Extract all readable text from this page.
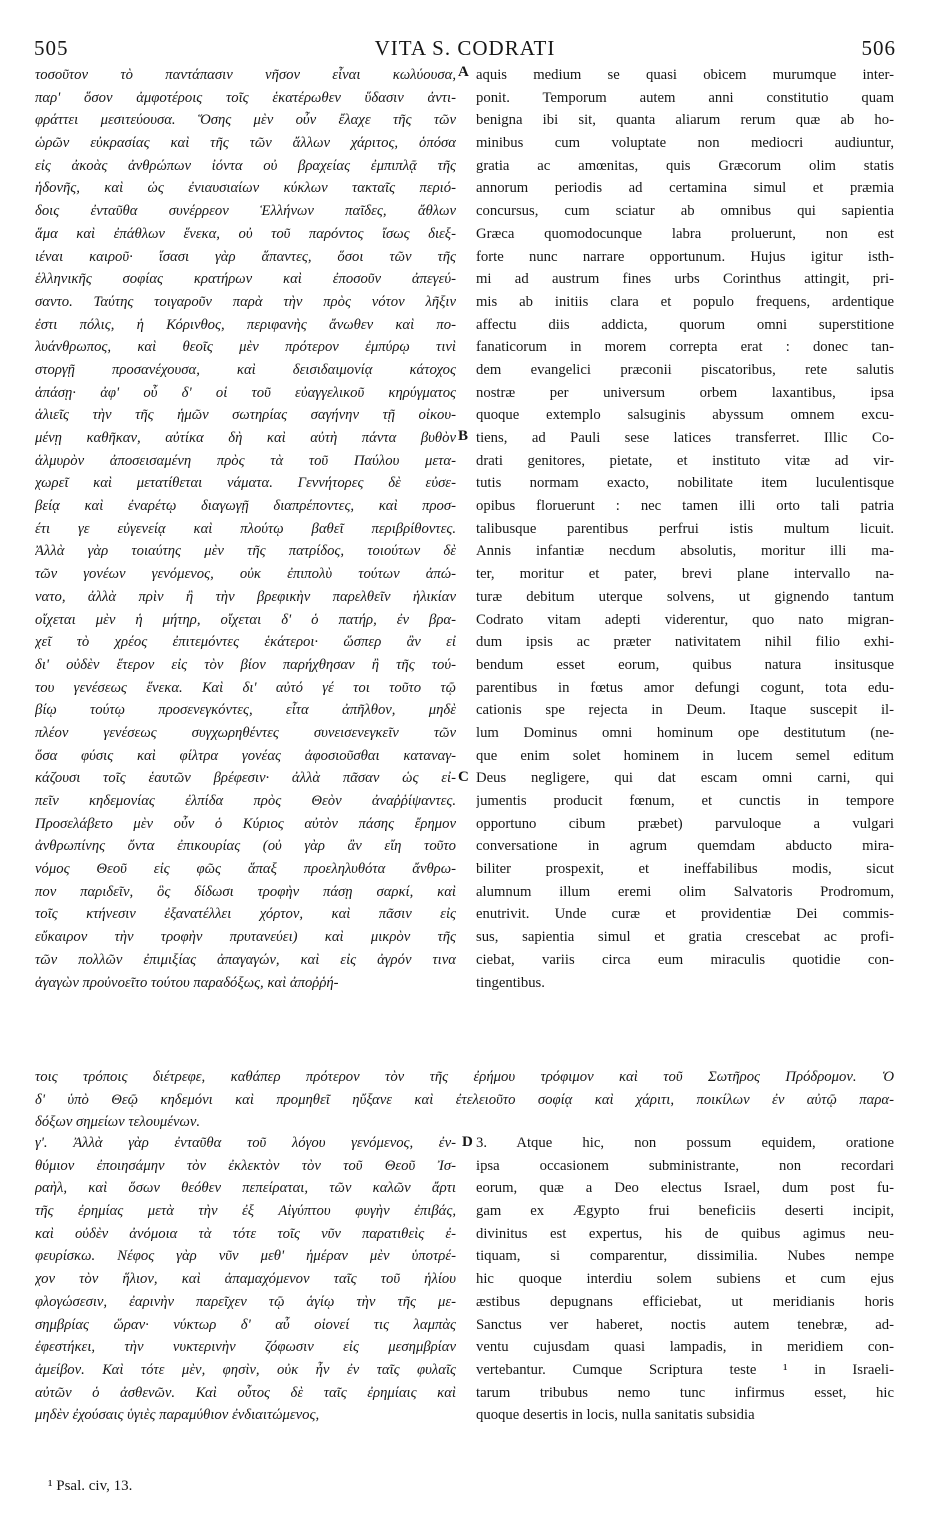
505	VITA S. CODRATI	506
τοσοῦτον τὸ παντάπασιν νῆσον εἶναι κωλύουσα,
παρ' ὅσον ἀμφοτέροις τοῖς ἑκατέρωθεν ὕδασιν ἀντι-
φράττει μεσιτεύουσα. Ὅσης μὲν οὖν ἔλαχε τῆς τῶν
ὡρῶν εὐκρασίας καὶ τῆς τῶν ἄλλων χάριτος, ὁπόσα
εἰς ἀκοὰς ἀνθρώπων ἰόντα οὐ βραχείας ἐμπιπλᾷ τῆς
ἡδονῆς, καὶ ὡς ἐνιαυσιαίων κύκλων τακταῖς περιό-
δοις ἐνταῦθα συνέρρεον Ἑλλήνων παῖδες, ἄθλων
ἅμα καὶ ἐπάθλων ἕνεκα, οὐ τοῦ παρόντος ἴσως διεξ-
ιέναι καιροῦ· ἴσασι γὰρ ἅπαντες, ὅσοι τῶν τῆς
ἑλληνικῆς σοφίας κρατήρων καὶ ἐποσοῦν ἀπεγεύ-
σαντο. Ταύτης τοιγαροῦν παρὰ τὴν πρὸς νότον λῆξιν
ἐστι πόλις, ἡ Κόρινθος, περιφανὴς ἄνωθεν καὶ πο-
λυάνθρωπος, καὶ θεοῖς μὲν πρότερον ἐμπύρῳ τινὶ
στοργῇ προσανέχουσα, καὶ δεισιδαιμονίᾳ κάτοχος
ἁπάσῃ· ἀφ' οὗ δ' οἱ τοῦ εὐαγγελικοῦ κηρύγματος
ἁλιεῖς τὴν τῆς ἡμῶν σωτηρίας σαγήνην τῇ οἰκου-
μένῃ καθῆκαν, αὐτίκα δὴ καὶ αὐτὴ πάντα βυθὸν
ἁλμυρὸν ἀποσεισαμένη πρὸς τὰ τοῦ Παύλου μετα-
χωρεῖ καὶ μετατίθεται νάματα. Γεννήτορες δὲ εὐσε-
βείᾳ καὶ ἐναρέτῳ διαγωγῇ διαπρέποντες, καὶ προσ-
έτι γε εὐγενείᾳ καὶ πλούτῳ βαθεῖ περιβρίθοντες.
Ἀλλὰ γὰρ τοιαύτης μὲν τῆς πατρίδος, τοιούτων δὲ
τῶν γονέων γενόμενος, οὐκ ἐπιπολὺ τούτων ἀπώ-
νατο, ἀλλὰ πρὶν ἢ τὴν βρεφικὴν παρελθεῖν ἡλικίαν
οἴχεται μὲν ἡ μήτηρ, οἴχεται δ' ὁ πατήρ, ἐν βρα-
χεῖ τὸ χρέος ἐπιτεμόντες ἑκάτεροι· ὥσπερ ἂν εἰ
δι' οὐδὲν ἕτερον εἰς τὸν βίον παρήχθησαν ἢ τῆς τού-
του γενέσεως ἕνεκα. Καὶ δι' αὐτό γέ τοι τοῦτο τῷ
βίῳ τούτῳ προσενεγκόντες, εἶτα ἀπῆλθον, μηδὲ
πλέον γενέσεως συγχωρηθέντες συνεισενεγκεῖν τῶν
ὅσα φύσις καὶ φίλτρα γονέας ἀφοσιοῦσθαι καταναγ-
κάζουσι τοῖς ἑαυτῶν βρέφεσιν· ἀλλὰ πᾶσαν ὡς εἰ-
πεῖν κηδεμονίας ἐλπίδα πρὸς Θεὸν ἀναῤῥίψαντες.
Προσελάβετο μὲν οὖν ὁ Κύριος αὐτὸν πάσης ἔρημον
ἀνθρωπίνης ὄντα ἐπικουρίας (οὐ γὰρ ἂν εἴη τοῦτο
νόμος Θεοῦ εἰς φῶς ἅπαξ προεληλυθότα ἄνθρω-
πον παριδεῖν, ὃς δίδωσι τροφὴν πάσῃ σαρκί, καὶ
τοῖς κτήνεσιν ἐξανατέλλει χόρτον, καὶ πᾶσιν εἰς
εὔκαιρον τὴν τροφὴν πρυτανεύει) καὶ μικρὸν τῆς
τῶν πολλῶν ἐπιμιξίας ἀπαγαγών, καὶ εἰς ἀγρόν τινα
ἀγαγὼν προὐνοεῖτο τούτου παραδόξως, καὶ ἀποῤῥή-
aquis medium se quasi obicem murumque inter-
ponit. Temporum autem anni constitutio quam
benigna ibi sit, quanta aliarum rerum quæ ab ho-
minibus cum voluptate non mediocri audiuntur,
gratia ac amœnitas, quis Græcorum olim statis
annorum periodis ad certamina simul et præmia
concursus, cum sciatur ab omnibus qui sapientia
Græca quomodocunque labra proluerunt, non est
forte nunc narrare opportunum. Hujus igitur isth-
mi ad austrum fines urbs Corinthus attingit, pri-
mis ab initiis clara et populo frequens, ardentique
affectu diis addicta, quorum omni superstitione
fanaticorum in morem correpta erat : donec tan-
dem evangelici præconii piscatoribus, rete salutis
nostræ per universum orbem laxantibus, ipsa
quoque extemplo salsuginis abyssum omnem excu-
tiens, ad Pauli sese latices transferret. Illic Co-
drati genitores, pietate, et instituto vitæ ad vir-
tutis normam exacto, nobilitate item luculentisque
opibus floruerunt : nec tamen illi orto tali patria
talibusque parentibus perfrui istis multum licuit.
Annis infantiæ necdum absolutis, moritur illi ma-
ter, moritur et pater, brevi plane intervallo na-
turæ debitum uterque solvens, ut gignendo tantum
Codrato vitam adepti viderentur, quo nato migran-
dum ipsis ac præter nativitatem nihil filio exhi-
bendum esset eorum, quibus natura insitusque
parentibus in fœtus amor defungi cogunt, tota edu-
cationis spe rejecta in Deum. Itaque suscepit il-
lum Dominus omni hominum ope destitutum (ne-
que enim solet hominem in lucem semel editum
Deus negligere, qui dat escam omni carni, qui
jumentis producit fœnum, et cunctis in tempore
opportuno cibum præbet) parvuloque a vulgari
conversatione in agrum quemdam abducto mira-
biliter prospexit, et ineffabilibus modis, sicut
alumnum illum eremi olim Salvatoris Prodromum,
enutrivit. Unde curæ et providentiæ Dei commis-
sus, sapientia simul et gratia crescebat ac profi-
ciebat, variis circa eum miraculis quotidie con-
tingentibus.
A
B
C
D
τοις τρόποις διέτρεφε, καθάπερ πρότερον τὸν τῆς ἐρήμου τρόφιμον καὶ τοῦ Σωτῆρος Πρόδρομον. Ὁ
δ' ὑπὸ Θεῷ κηδεμόνι καὶ προμηθεῖ ηὔξανε καὶ ἐτελειοῦτο σοφίᾳ καὶ χάριτι, ποικίλων ἐν αὐτῷ παρα-
δόξων σημείων τελουμένων.
γ'. Ἀλλὰ γὰρ ἐνταῦθα τοῦ λόγου γενόμενος, ἐν-
θύμιον ἐποιησάμην τὸν ἐκλεκτὸν τὸν τοῦ Θεοῦ Ἰσ-
ραὴλ, καὶ ὅσων θεόθεν πεπείραται, τῶν καλῶν ἄρτι
τῆς ἐρημίας μετὰ τὴν ἐξ Αἰγύπτου φυγὴν ἐπιβάς,
καὶ οὐδὲν ἀνόμοια τὰ τότε τοῖς νῦν παρατιθεὶς ἐ-
φευρίσκω. Νέφος γὰρ νῦν μεθ' ἡμέραν μὲν ὑποτρέ-
χον τὸν ἥλιον, καὶ ἀπαμαχόμενον ταῖς τοῦ ἡλίου
φλογώσεσιν, ἐαρινὴν παρεῖχεν τῷ ἁγίῳ τὴν τῆς με-
σημβρίας ὥραν· νύκτωρ δ' αὖ οἱονεί τις λαμπὰς
ἐφεστήκει, τὴν νυκτερινὴν ζόφωσιν εἰς μεσημβρίαν
ἀμείβον. Καὶ τότε μὲν, φησὶν, οὐκ ἦν ἐν ταῖς φυλαῖς
αὐτῶν ὁ ἀσθενῶν. Καὶ οὗτος δὲ ταῖς ἐρημίαις καὶ
μηδὲν ἐχούσαις ὑγιὲς παραμύθιον ἐνδιαιτώμενος,
3. Atque hic, non possum equidem, oratione
ipsa occasionem subministrante, non recordari
eorum, quæ a Deo electus Israel, dum post fu-
gam ex Ægypto frui beneficiis deserti incipit,
divinitus est expertus, his de quibus agimus neu-
tiquam, si comparentur, dissimilia. Nubes nempe
hic quoque interdiu solem subiens et cum ejus
æstibus depugnans efficiebat, ut meridianis horis
Sanctus ver haberet, noctis autem tenebræ, ad-
ventu cujusdam quasi lampadis, in meridiem con-
vertebantur. Cumque Scriptura teste ¹ in Israeli-
tarum tribubus nemo tunc infirmus esset, hic
quoque desertis in locis, nulla sanitatis subsidia
¹ Psal. civ, 13.
